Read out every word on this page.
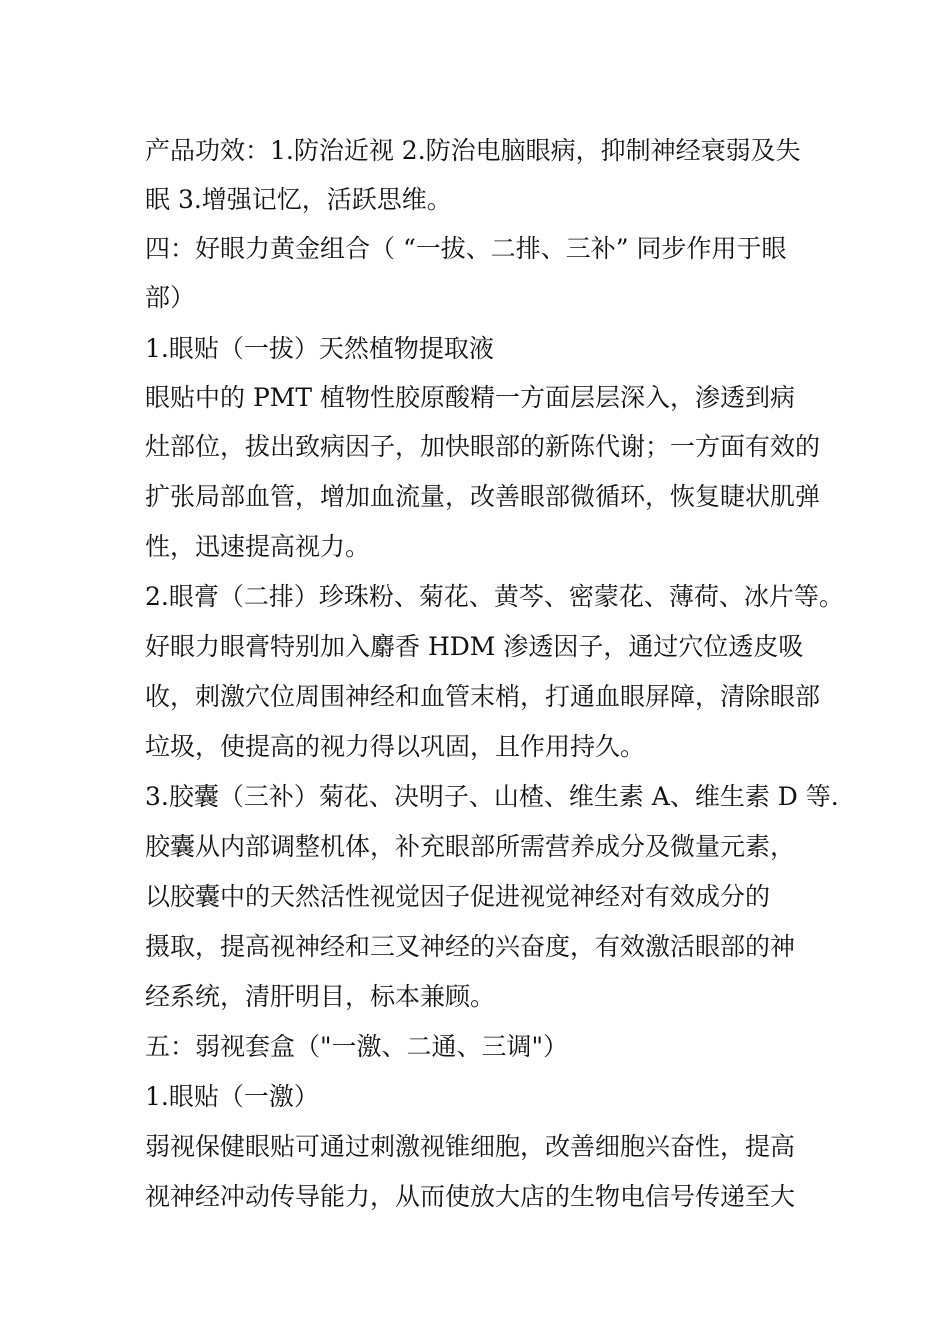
产品功效：1.防治近视 2.防治电脑眼病，抑制神经衰弱及失
眠 3.增强记忆，活跃思维。
四：好眼力黄金组合（ “一拔、二排、三补” 同步作用于眼
部）
1.眼贴（一拔）天然植物提取液
眼贴中的 PMT 植物性胶原酸精一方面层层深入，渗透到病
灶部位，拔出致病因子，加快眼部的新陈代谢；一方面有效的
扩张局部血管，增加血流量，改善眼部微循环，恢复睫状肌弹
性，迅速提高视力。
2.眼膏（二排）珍珠粉、菊花、黄芩、密蒙花、薄荷、冰片等。
好眼力眼膏特别加入麝香 HDM 渗透因子，通过穴位透皮吸
收，刺激穴位周围神经和血管末梢，打通血眼屏障，清除眼部
垃圾，使提高的视力得以巩固，且作用持久。
3.胶囊（三补）菊花、决明子、山楂、维生素 A、维生素 D 等.
胶囊从内部调整机体，补充眼部所需营养成分及微量元素，
以胶囊中的天然活性视觉因子促进视觉神经对有效成分的
摄取，提高视神经和三叉神经的兴奋度，有效激活眼部的神
经系统，清肝明目，标本兼顾。
五：弱视套盒（"一激、二通、三调"）
1.眼贴（一激）
弱视保健眼贴可通过刺激视锥细胞，改善细胞兴奋性，提高
视神经冲动传导能力，从而使放大店的生物电信号传递至大
